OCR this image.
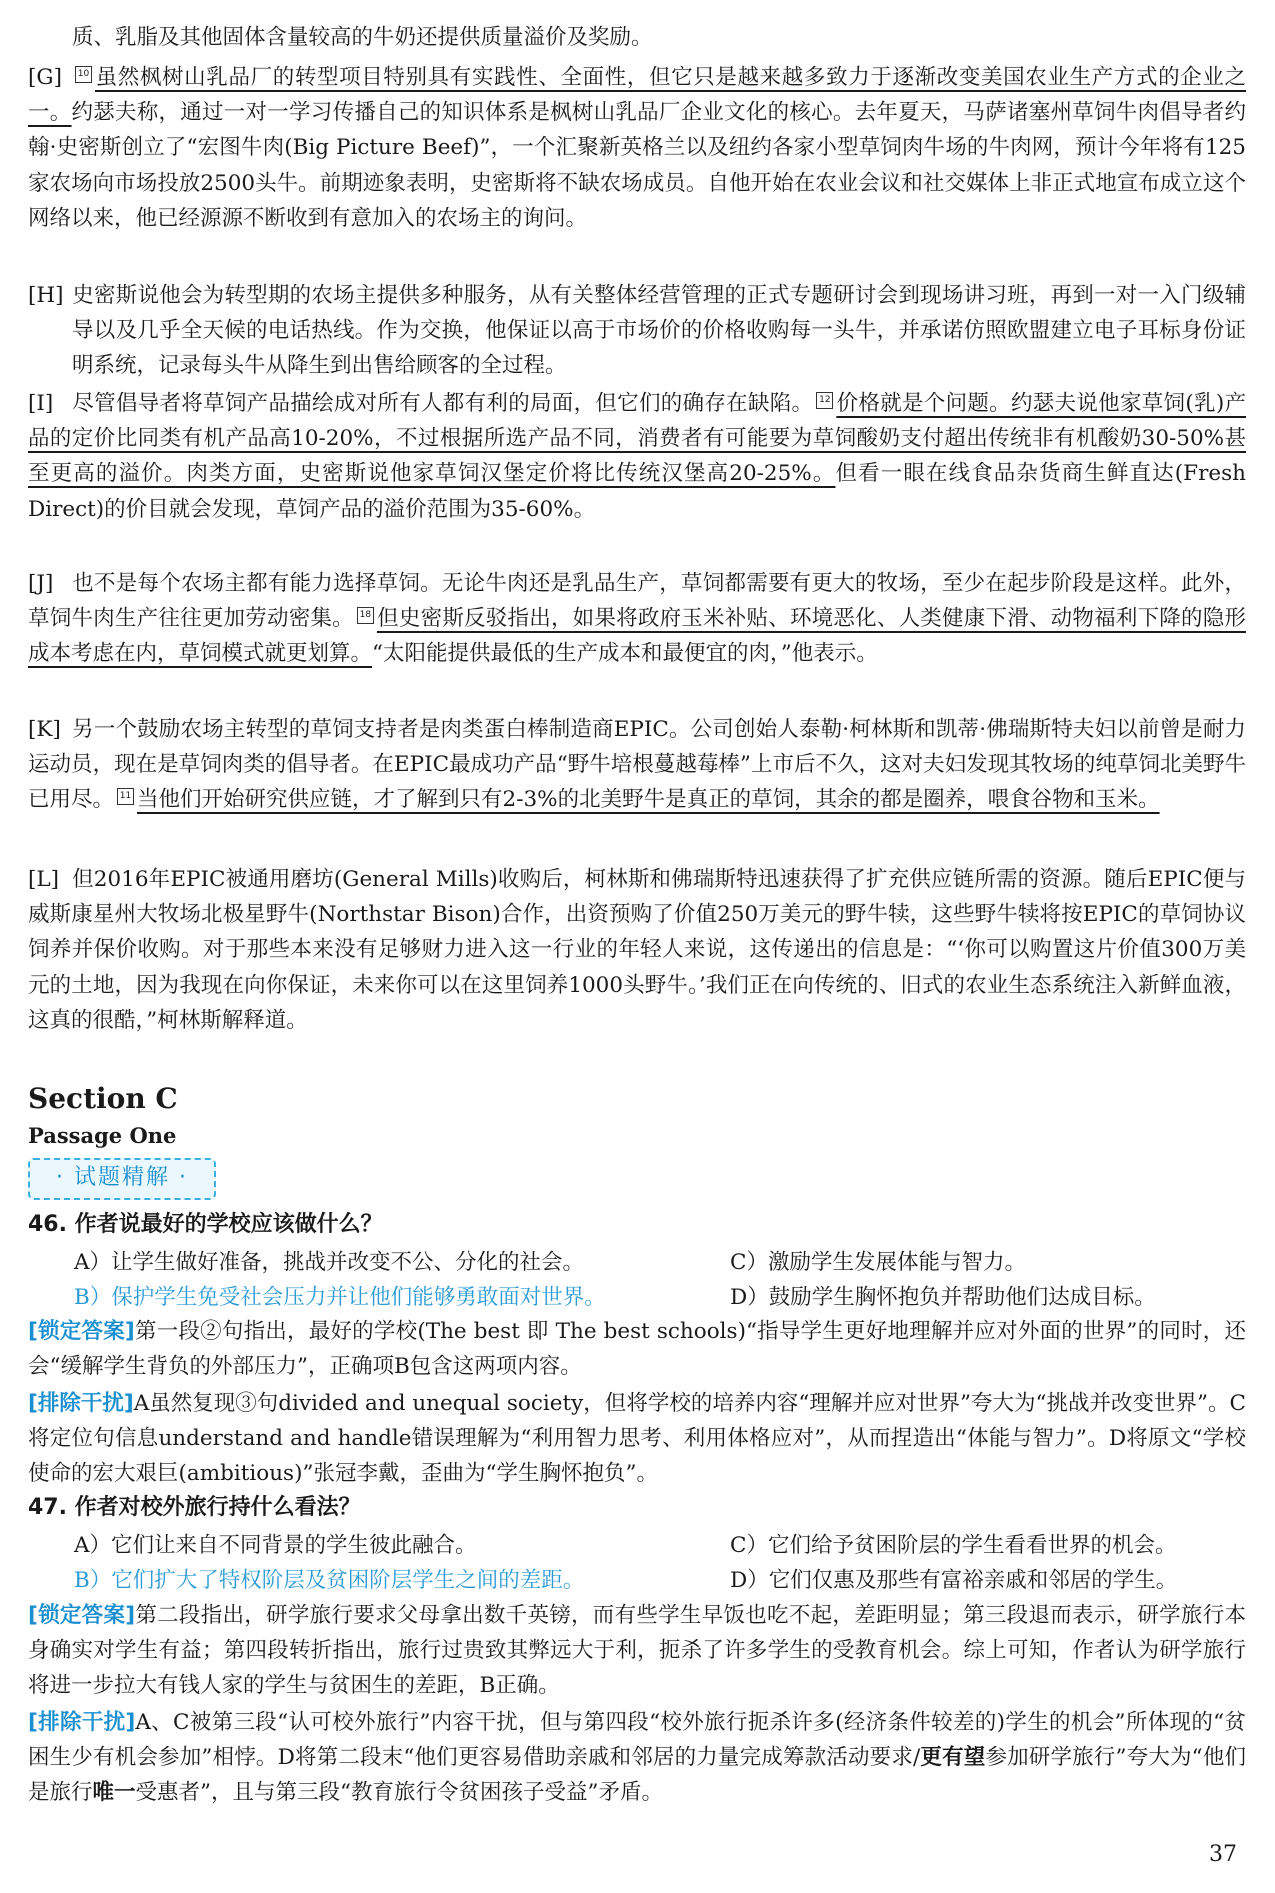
质、乳脂及其他固体含量较高的牛奶还提供质量溢价及奖励。
[G] 10 虽然枫树山乳品厂的转型项目特别具有实践性、全面性，但它只是越来越多致力于逐渐改变美国农业生产方式的企业之一。约瑟夫称，通过一对一学习传播自己的知识体系是枫树山乳品厂企业文化的核心。去年夏天，马萨诸塞州草饲牛肉倡导者约翰·史密斯创立了“宏图牛肉(Big Picture Beef)”，一个汇聚新英格兰以及纽约各家小型草饲肉牛场的牛肉网，预计今年将有125家农场向市场投放2500头牛。前期迹象表明，史密斯将不缺农场成员。自他开始在农业会议和社交媒体上非正式地宣布成立这个网络以来，他已经源源不断收到有意加入的农场主的询问。
[H] 史密斯说他会为转型期的农场主提供多种服务，从有关整体经营管理的正式专题研讨会到现场讲习班，再到一对一入门级辅导以及几乎全天候的电话热线。作为交换，他保证以高于市场价的价格收购每一头牛，并承诺仿照欧盟建立电子耳标身份证明系统，记录每头牛从降生到出售给顾客的全过程。
[I] 尽管倡导者将草饲产品描绘成对所有人都有利的局面，但它们的确存在缺陷。 12 价格就是个问题。约瑟夫说他家草饲(乳)产品的定价比同类有机产品高10-20%，不过根据所选产品不同，消费者有可能要为草饲酸奶支付超出传统非有机酸奶30-50%甚至更高的溢价。肉类方面，史密斯说他家草饲汉堡定价将比传统汉堡高20-25%。但看一眼在线食品杂货商生鲜直达(Fresh Direct)的价目就会发现，草饲产品的溢价范围为35-60%。
[J] 也不是每个农场主都有能力选择草饲。无论牛肉还是乳品生产，草饲都需要有更大的牧场，至少在起步阶段是这样。此外，草饲牛肉生产往往更加劳动密集。 18 但史密斯反驳指出，如果将政府玉米补贴、环境恶化、人类健康下滑、动物福利下降的隐形成本考虑在内，草饲模式就更划算。“太阳能提供最低的生产成本和最便宜的肉，”他表示。
[K] 另一个鼓励农场主转型的草饲支持者是肉类蛋白棒制造商EPIC。公司创始人泰勒·柯林斯和凯蒂·佛瑞斯特夫妇以前曾是耐力运动员，现在是草饲肉类的倡导者。在EPIC最成功产品“野牛培根蔓越莓棒”上市后不久，这对夫妇发现其牧场的纯草饲北美野牛已用尽。 11 当他们开始研究供应链，才了解到只有2-3%的北美野牛是真正的草饲，其余的都是圈养，喂食谷物和玉米。
[L] 但2016年EPIC被通用磨坊(General Mills)收购后，柯林斯和佛瑞斯特迅速获得了扩充供应链所需的资源。随后EPIC便与威斯康星州大牧场北极星野牛(Northstar Bison)合作，出资预购了价值250万美元的野牛犊，这些野牛犊将按EPIC的草饲协议饲养并保价收购。对于那些本来没有足够财力进入这一行业的年轻人来说，这传递出的信息是：“‘你可以购置这片价值300万美元的土地，因为我现在向你保证，未来你可以在这里饲养1000头野牛。’我们正在向传统的、旧式的农业生态系统注入新鲜血液，这真的很酷，”柯林斯解释道。
Section C
Passage One
· 试题精解 ·
46. 作者说最好的学校应该做什么？
A）让学生做好准备，挑战并改变不公、分化的社会。	C）激励学生发展体能与智力。
B）保护学生免受社会压力并让他们能够勇敢面对世界。	D）鼓励学生胸怀抱负并帮助他们达成目标。
[锁定答案]第一段②句指出，最好的学校(The best 即 The best schools)“指导学生更好地理解并应对外面的世界”的同时，还会“缓解学生背负的外部压力”，正确项B包含这两项内容。
[排除干扰]A虽然复现③句divided and unequal society，但将学校的培养内容“理解并应对世界”夸大为“挑战并改变世界”。C将定位句信息understand and handle错误理解为“利用智力思考、利用体格应对”，从而捏造出“体能与智力”。D将原文“学校使命的宏大艰巨(ambitious)”张冠李戴，歪曲为“学生胸怀抱负”。
47. 作者对校外旅行持什么看法？
A）它们让来自不同背景的学生彼此融合。	C）它们给予贫困阶层的学生看看世界的机会。
B）它们扩大了特权阶层及贫困阶层学生之间的差距。	D）它们仅惠及那些有富裕亲戚和邻居的学生。
[锁定答案]第二段指出，研学旅行要求父母拿出数千英镑，而有些学生早饭也吃不起，差距明显；第三段退而表示，研学旅行本身确实对学生有益；第四段转折指出，旅行过贵致其弊远大于利，扼杀了许多学生的受教育机会。综上可知，作者认为研学旅行将进一步拉大有钱人家的学生与贫困生的差距，B正确。
[排除干扰]A、C被第三段“认可校外旅行”内容干扰，但与第四段“校外旅行扼杀许多(经济条件较差的)学生的机会”所体现的“贫困生少有机会参加”相悖。D将第二段末“他们更容易借助亲戚和邻居的力量完成筹款活动要求/更有望参加研学旅行”夸大为“他们是旅行唯一受惠者”，且与第三段“教育旅行令贫困孩子受益”矛盾。
37
